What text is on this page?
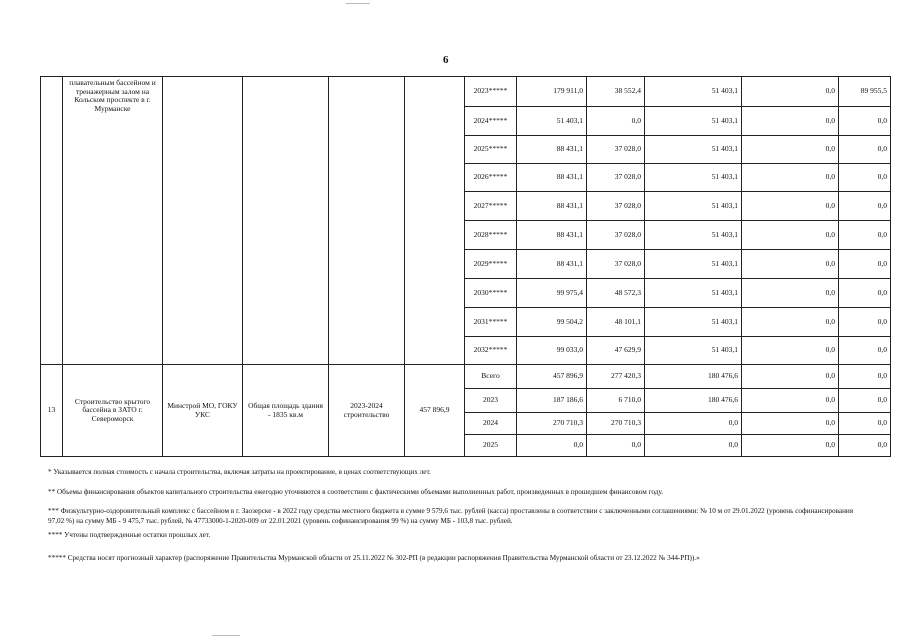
6
	плавательным бассейном и тренажерным залом на Кольском проспекте в г. Мурманске					2023*****	179 911,0	38 552,4	51 403,1	0,0	89 955,5
						2024*****	51 403,1	0,0	51 403,1	0,0	0,0
						2025*****	88 431,1	37 028,0	51 403,1	0,0	0,0
						2026*****	88 431,1	37 028,0	51 403,1	0,0	0,0
						2027*****	88 431,1	37 028,0	51 403,1	0,0	0,0
						2028*****	88 431,1	37 028,0	51 403,1	0,0	0,0
						2029*****	88 431,1	37 028,0	51 403,1	0,0	0,0
						2030*****	99 975,4	48 572,3	51 403,1	0,0	0,0
						2031*****	99 504,2	48 101,1	51 403,1	0,0	0,0
						2032*****	99 033,0	47 629,9	51 403,1	0,0	0,0
13	Строительство крытого бассейна в ЗАТО г. Североморск	Минстрой МО, ГОКУ УКС	Общая площадь здания - 1835 кв.м	2023-2024 строительство	457 896,9	Всего	457 896,9	277 420,3	180 476,6	0,0	0,0
						2023	187 186,6	6 710,0	180 476,6	0,0	0,0
						2024	270 710,3	270 710,3	0,0	0,0	0,0
						2025	0,0	0,0	0,0	0,0	0,0

* Указывается полная стоимость с начала строительства, включая затраты на проектирование, в ценах соответствующих лет.

** Объемы финансирования объектов капитального строительства ежегодно уточняются в соответствии с фактическими объемами выполненных работ, произведенных в прошедшем финансовом году.

*** Физкультурно-оздоровительный комплекс с бассейном в г. Заозерске - в 2022 году средства местного бюджета в сумме 9 579,6 тыс. рублей (касса) проставлены в соответствии с заключенными соглашениями: № 10 м от 29.01.2022 (уровень софинансирования 97,02 %) на сумму МБ - 9 475,7 тыс. рублей, № 47733000-1-2020-009 от 22.01.2021 (уровень софинансирования 99 %) на сумму МБ - 103,8 тыс. рублей.

**** Учтены подтвержденные остатки прошлых лет.

***** Средства носят прогнозный характер (распоряжение Правительства Мурманской области от 25.11.2022 № 302-РП (в редакции распоряжения Правительства Мурманской области от 23.12.2022 № 344-РП)).»
